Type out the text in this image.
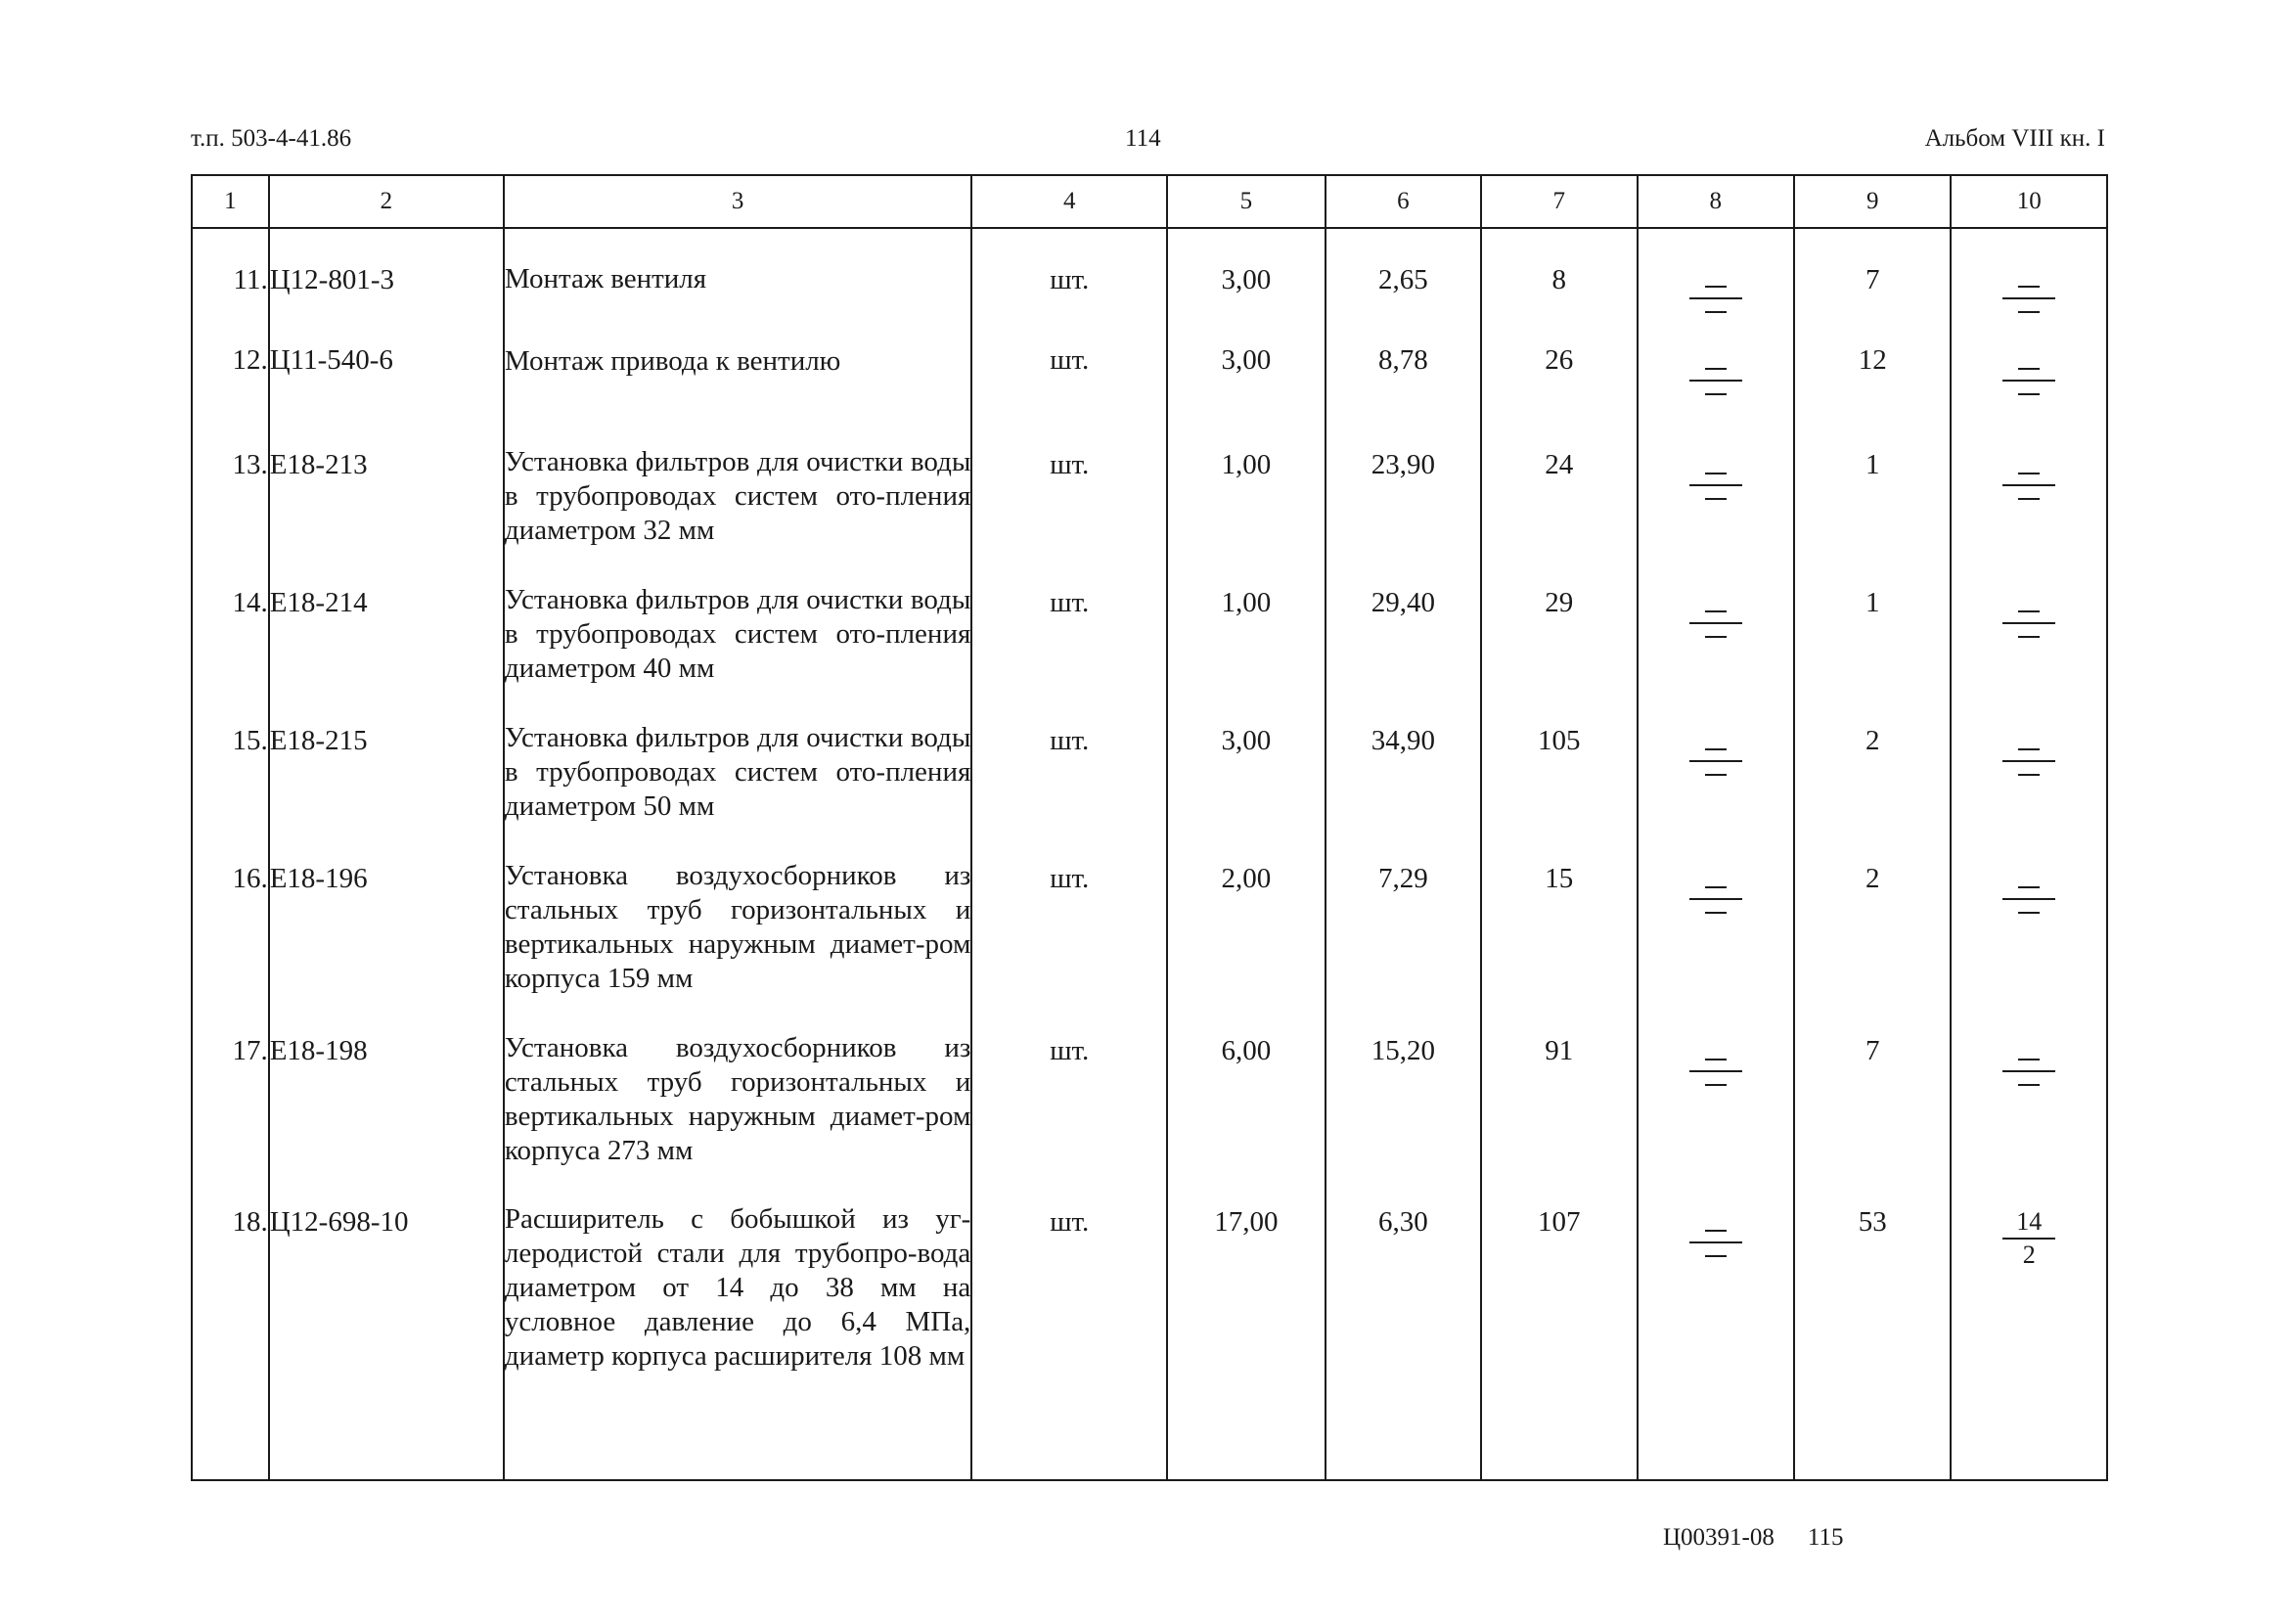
т.п. 503-4-41.86	114	Альбом VIII кн. I
1	2	3	4	5	6	7	8	9	10

11.	Ц12-801-3	Монтаж вентиля	шт.	3,00	2,65	8		7	

12.	Ц11-540-6	Монтаж привода к вентилю	шт.	3,00	8,78	26		12	

13.	Е18-213	Установка фильтров для очистки воды в трубопроводах систем ото-пления диаметром 32 мм	шт.	1,00	23,90	24		1	

14.	Е18-214	Установка фильтров для очистки воды в трубопроводах систем ото-пления диаметром 40 мм	шт.	1,00	29,40	29		1	

15.	Е18-215	Установка фильтров для очистки воды в трубопроводах систем ото-пления диаметром 50 мм	шт.	3,00	34,90	105		2	

16.	Е18-196	Установка воздухосборников из стальных труб горизонтальных и вертикальных наружным диамет-ром корпуса 159 мм	шт.	2,00	7,29	15		2	

17.	Е18-198	Установка воздухосборников из стальных труб горизонтальных и вертикальных наружным диамет-ром корпуса 273 мм	шт.	6,00	15,20	91		7	

18.	Ц12-698-10	Расширитель с бобышкой из уг-леродистой стали для трубопро-вода диаметром от 14 до 38 мм на условное давление до 6,4 МПа, диаметр корпуса расширителя 108 мм	шт.	17,00	6,30	107		53	$\frac{14}{2}$
Ц00391-08 115
